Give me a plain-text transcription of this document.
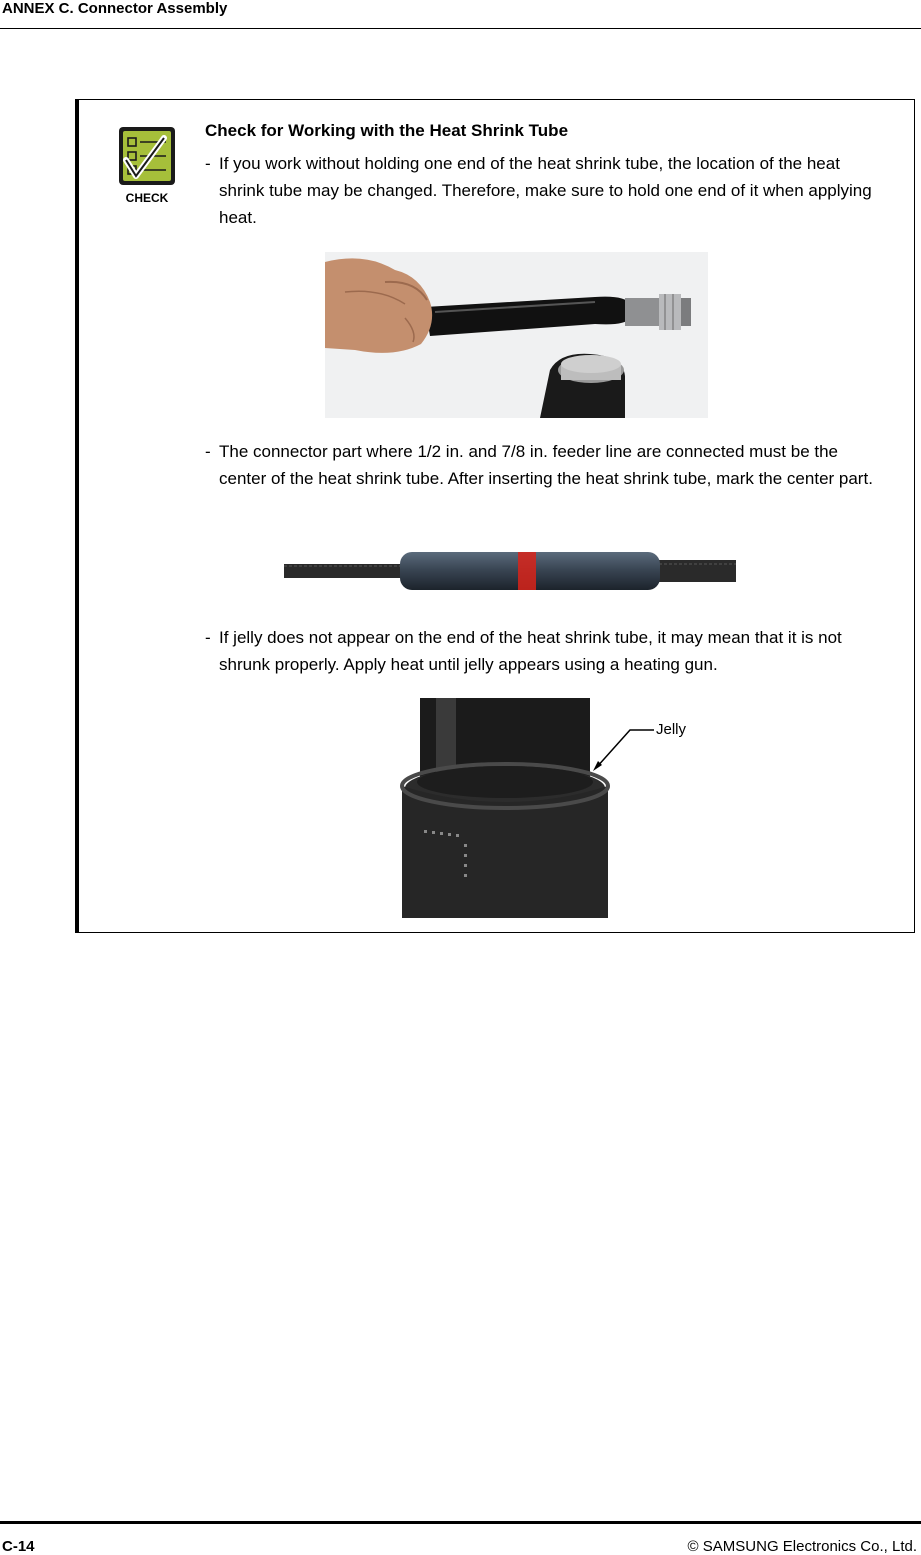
ANNEX C. Connector Assembly
CHECK
Check for Working with the Heat Shrink Tube
- If you work without holding one end of the heat shrink tube, the location of the heat shrink tube may be changed. Therefore, make sure to hold one end of it when applying heat.
- The connector part where 1/2 in. and 7/8 in. feeder line are connected must be the center of the heat shrink tube. After inserting the heat shrink tube, mark the center part.
- If jelly does not appear on the end of the heat shrink tube, it may mean that it is not shrunk properly. Apply heat until jelly appears using a heating gun.
Jelly
C-14	© SAMSUNG Electronics Co., Ltd.
